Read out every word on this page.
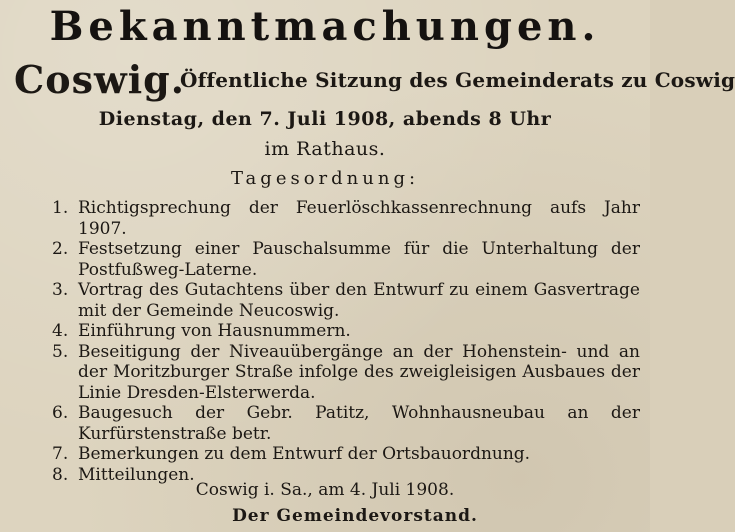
Bekanntmachungen.
Coswig.
Öffentliche Sitzung des Gemeinderats zu Coswig
Dienstag, den 7. Juli 1908, abends 8 Uhr
im Rathaus.
Tagesordnung:
1. Richtigsprechung der Feuerlöschkassenrechnung aufs Jahr 1907.
2. Festsetzung einer Pauschalsumme für die Unterhaltung der Postfußweg-Laterne.
3. Vortrag des Gutachtens über den Entwurf zu einem Gasvertrage mit der Gemeinde Neucoswig.
4. Einführung von Hausnummern.
5. Beseitigung der Niveauübergänge an der Hohenstein- und an der Moritzburger Straße infolge des zweigleisigen Ausbaues der Linie Dresden-Elsterwerda.
6. Baugesuch der Gebr. Patitz, Wohnhausneubau an der Kurfürstenstraße betr.
7. Bemerkungen zu dem Entwurf der Ortsbauordnung.
8. Mitteilungen.
Coswig i. Sa., am 4. Juli 1908.
Der Gemeindevorstand.
